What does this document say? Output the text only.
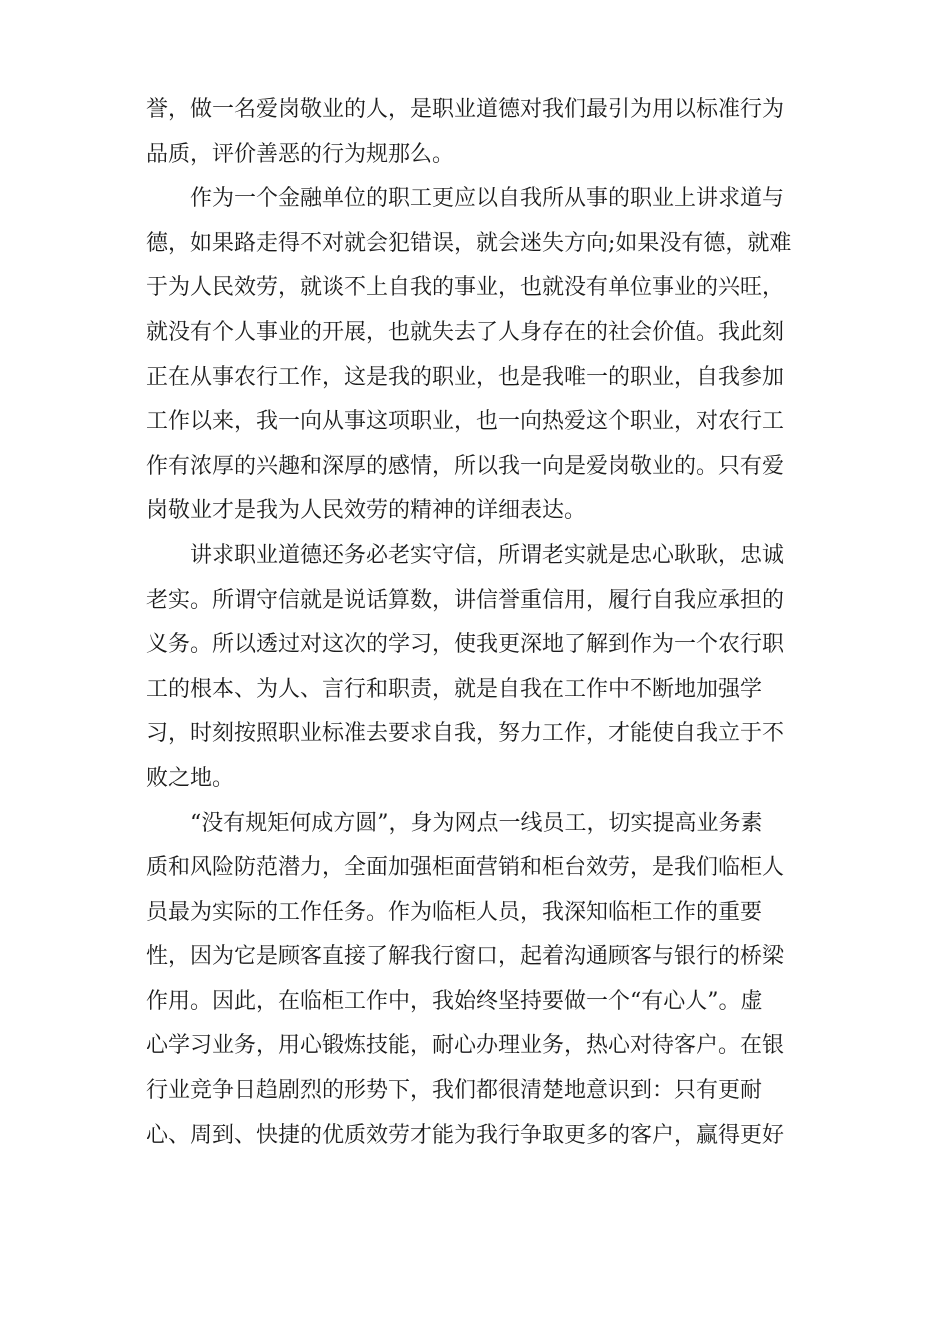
誉，做一名爱岗敬业的人，是职业道德对我们最引为用以标准行为
品质，评价善恶的行为规那么。
作为一个金融单位的职工更应以自我所从事的职业上讲求道与
德，如果路走得不对就会犯错误，就会迷失方向;如果没有德，就难
于为人民效劳，就谈不上自我的事业，也就没有单位事业的兴旺，
就没有个人事业的开展，也就失去了人身存在的社会价值。我此刻
正在从事农行工作，这是我的职业，也是我唯一的职业，自我参加
工作以来，我一向从事这项职业，也一向热爱这个职业，对农行工
作有浓厚的兴趣和深厚的感情，所以我一向是爱岗敬业的。只有爱
岗敬业才是我为人民效劳的精神的详细表达。
讲求职业道德还务必老实守信，所谓老实就是忠心耿耿，忠诚
老实。所谓守信就是说话算数，讲信誉重信用，履行自我应承担的
义务。所以透过对这次的学习，使我更深地了解到作为一个农行职
工的根本、为人、言行和职责，就是自我在工作中不断地加强学
习，时刻按照职业标准去要求自我，努力工作，才能使自我立于不
败之地。
“没有规矩何成方圆”，身为网点一线员工，切实提高业务素
质和风险防范潜力，全面加强柜面营销和柜台效劳，是我们临柜人
员最为实际的工作任务。作为临柜人员，我深知临柜工作的重要
性，因为它是顾客直接了解我行窗口，起着沟通顾客与银行的桥梁
作用。因此，在临柜工作中，我始终坚持要做一个“有心人”。虚
心学习业务，用心锻炼技能，耐心办理业务，热心对待客户。在银
行业竞争日趋剧烈的形势下，我们都很清楚地意识到：只有更耐
心、周到、快捷的优质效劳才能为我行争取更多的客户，赢得更好
